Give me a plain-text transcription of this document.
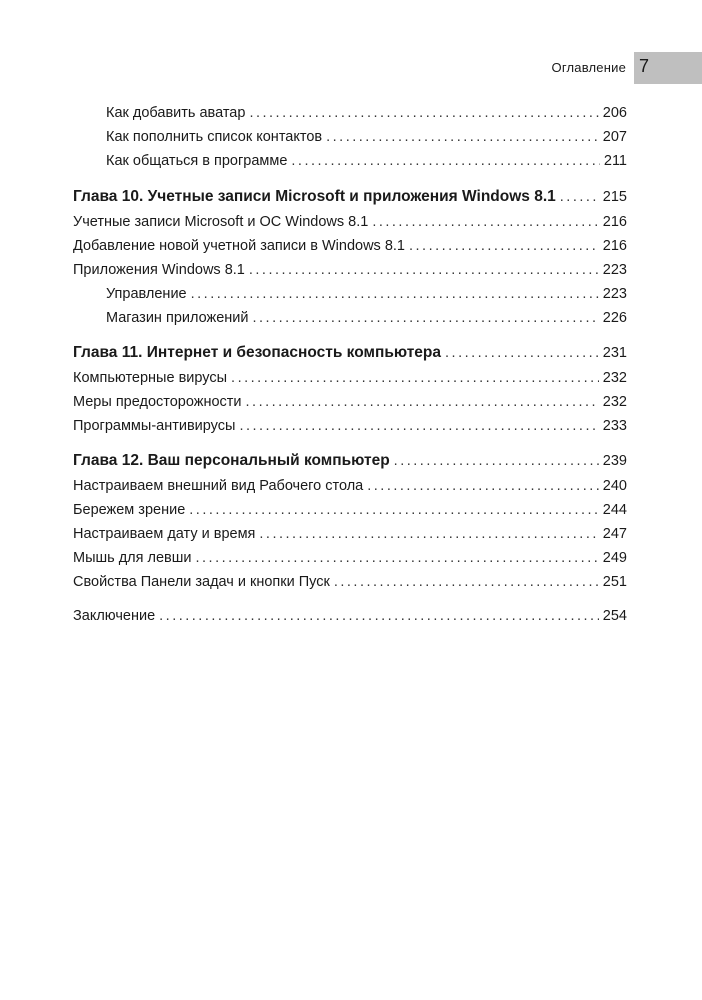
Оглавление 7
Как добавить аватар .....	206
Как пополнить список контактов .....	207
Как общаться в программе .....	211
Глава 10. Учетные записи Microsoft и приложения Windows 8.1 .....	215
Учетные записи Microsoft и ОС Windows 8.1 .....	216
Добавление новой учетной записи в Windows 8.1 .....	216
Приложения Windows 8.1 .....	223
Управление .....	223
Магазин приложений .....	226
Глава 11. Интернет и безопасность компьютера .....	231
Компьютерные вирусы .....	232
Меры предосторожности .....	232
Программы-антивирусы .....	233
Глава 12. Ваш персональный компьютер .....	239
Настраиваем внешний вид Рабочего стола .....	240
Бережем зрение .....	244
Настраиваем дату и время .....	247
Мышь для левши .....	249
Свойства Панели задач и кнопки Пуск .....	251
Заключение .....	254
